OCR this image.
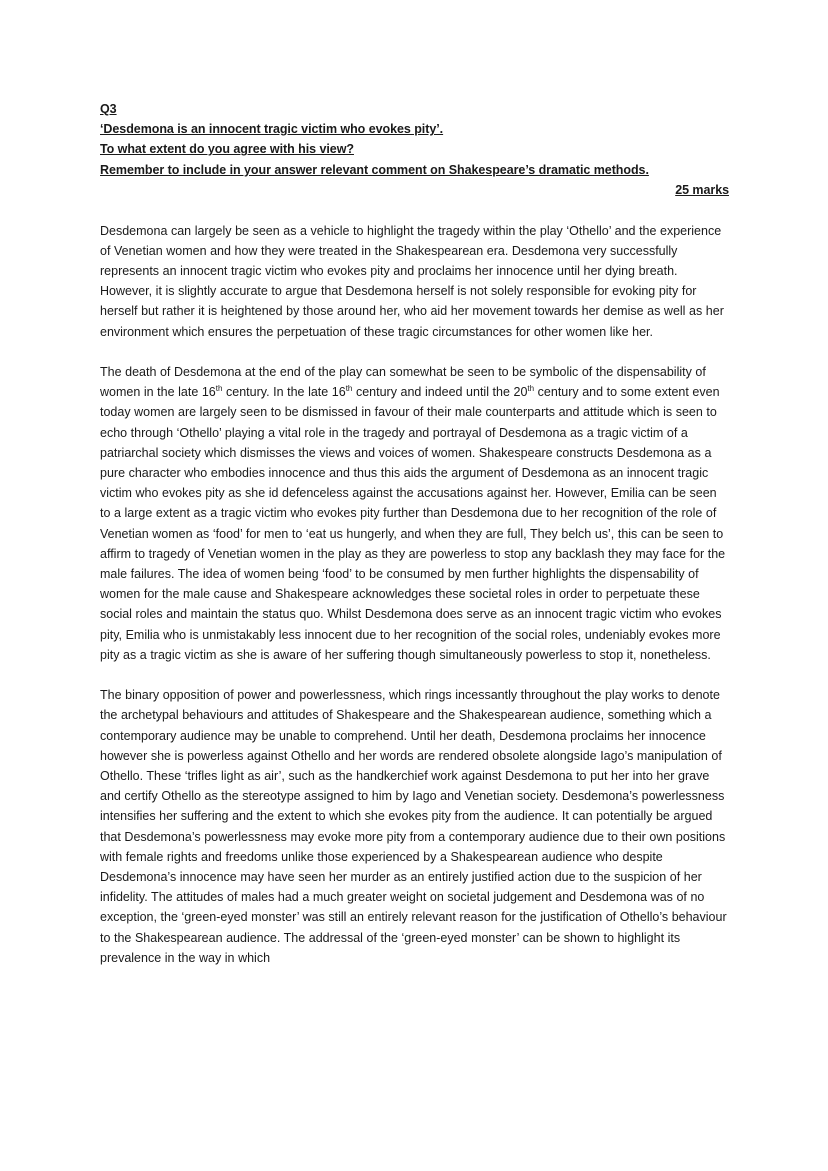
Q3
‘Desdemona is an innocent tragic victim who evokes pity’.
To what extent do you agree with his view?
Remember to include in your answer relevant comment on Shakespeare’s dramatic methods.
25 marks

Desdemona can largely be seen as a vehicle to highlight the tragedy within the play ‘Othello’ and the experience of Venetian women and how they were treated in the Shakespearean era. Desdemona very successfully represents an innocent tragic victim who evokes pity and proclaims her innocence until her dying breath. However, it is slightly accurate to argue that Desdemona herself is not solely responsible for evoking pity for herself but rather it is heightened by those around her, who aid her movement towards her demise as well as her environment which ensures the perpetuation of these tragic circumstances for other women like her.

The death of Desdemona at the end of the play can somewhat be seen to be symbolic of the dispensability of women in the late 16th century. In the late 16th century and indeed until the 20th century and to some extent even today women are largely seen to be dismissed in favour of their male counterparts and attitude which is seen to echo through ‘Othello’ playing a vital role in the tragedy and portrayal of Desdemona as a tragic victim of a patriarchal society which dismisses the views and voices of women. Shakespeare constructs Desdemona as a pure character who embodies innocence and thus this aids the argument of Desdemona as an innocent tragic victim who evokes pity as she id defenceless against the accusations against her. However, Emilia can be seen to a large extent as a tragic victim who evokes pity further than Desdemona due to her recognition of the role of Venetian women as ‘food’ for men to ‘eat us hungerly, and when they are full, They belch us’, this can be seen to affirm to tragedy of Venetian women in the play as they are powerless to stop any backlash they may face for the male failures. The idea of women being ‘food’ to be consumed by men further highlights the dispensability of women for the male cause and Shakespeare acknowledges these societal roles in order to perpetuate these social roles and maintain the status quo. Whilst Desdemona does serve as an innocent tragic victim who evokes pity, Emilia who is unmistakably less innocent due to her recognition of the social roles, undeniably evokes more pity as a tragic victim as she is aware of her suffering though simultaneously powerless to stop it, nonetheless.

The binary opposition of power and powerlessness, which rings incessantly throughout the play works to denote the archetypal behaviours and attitudes of Shakespeare and the Shakespearean audience, something which a contemporary audience may be unable to comprehend. Until her death, Desdemona proclaims her innocence however she is powerless against Othello and her words are rendered obsolete alongside Iago’s manipulation of Othello. These ‘trifles light as air’, such as the handkerchief work against Desdemona to put her into her grave and certify Othello as the stereotype assigned to him by Iago and Venetian society. Desdemona’s powerlessness intensifies her suffering and the extent to which she evokes pity from the audience. It can potentially be argued that Desdemona’s powerlessness may evoke more pity from a contemporary audience due to their own positions with female rights and freedoms unlike those experienced by a Shakespearean audience who despite Desdemona’s innocence may have seen her murder as an entirely justified action due to the suspicion of her infidelity. The attitudes of males had a much greater weight on societal judgement and Desdemona was of no exception, the ‘green-eyed monster’ was still an entirely relevant reason for the justification of Othello’s behaviour to the Shakespearean audience. The addressal of the ‘green-eyed monster’ can be shown to highlight its prevalence in the way in which
